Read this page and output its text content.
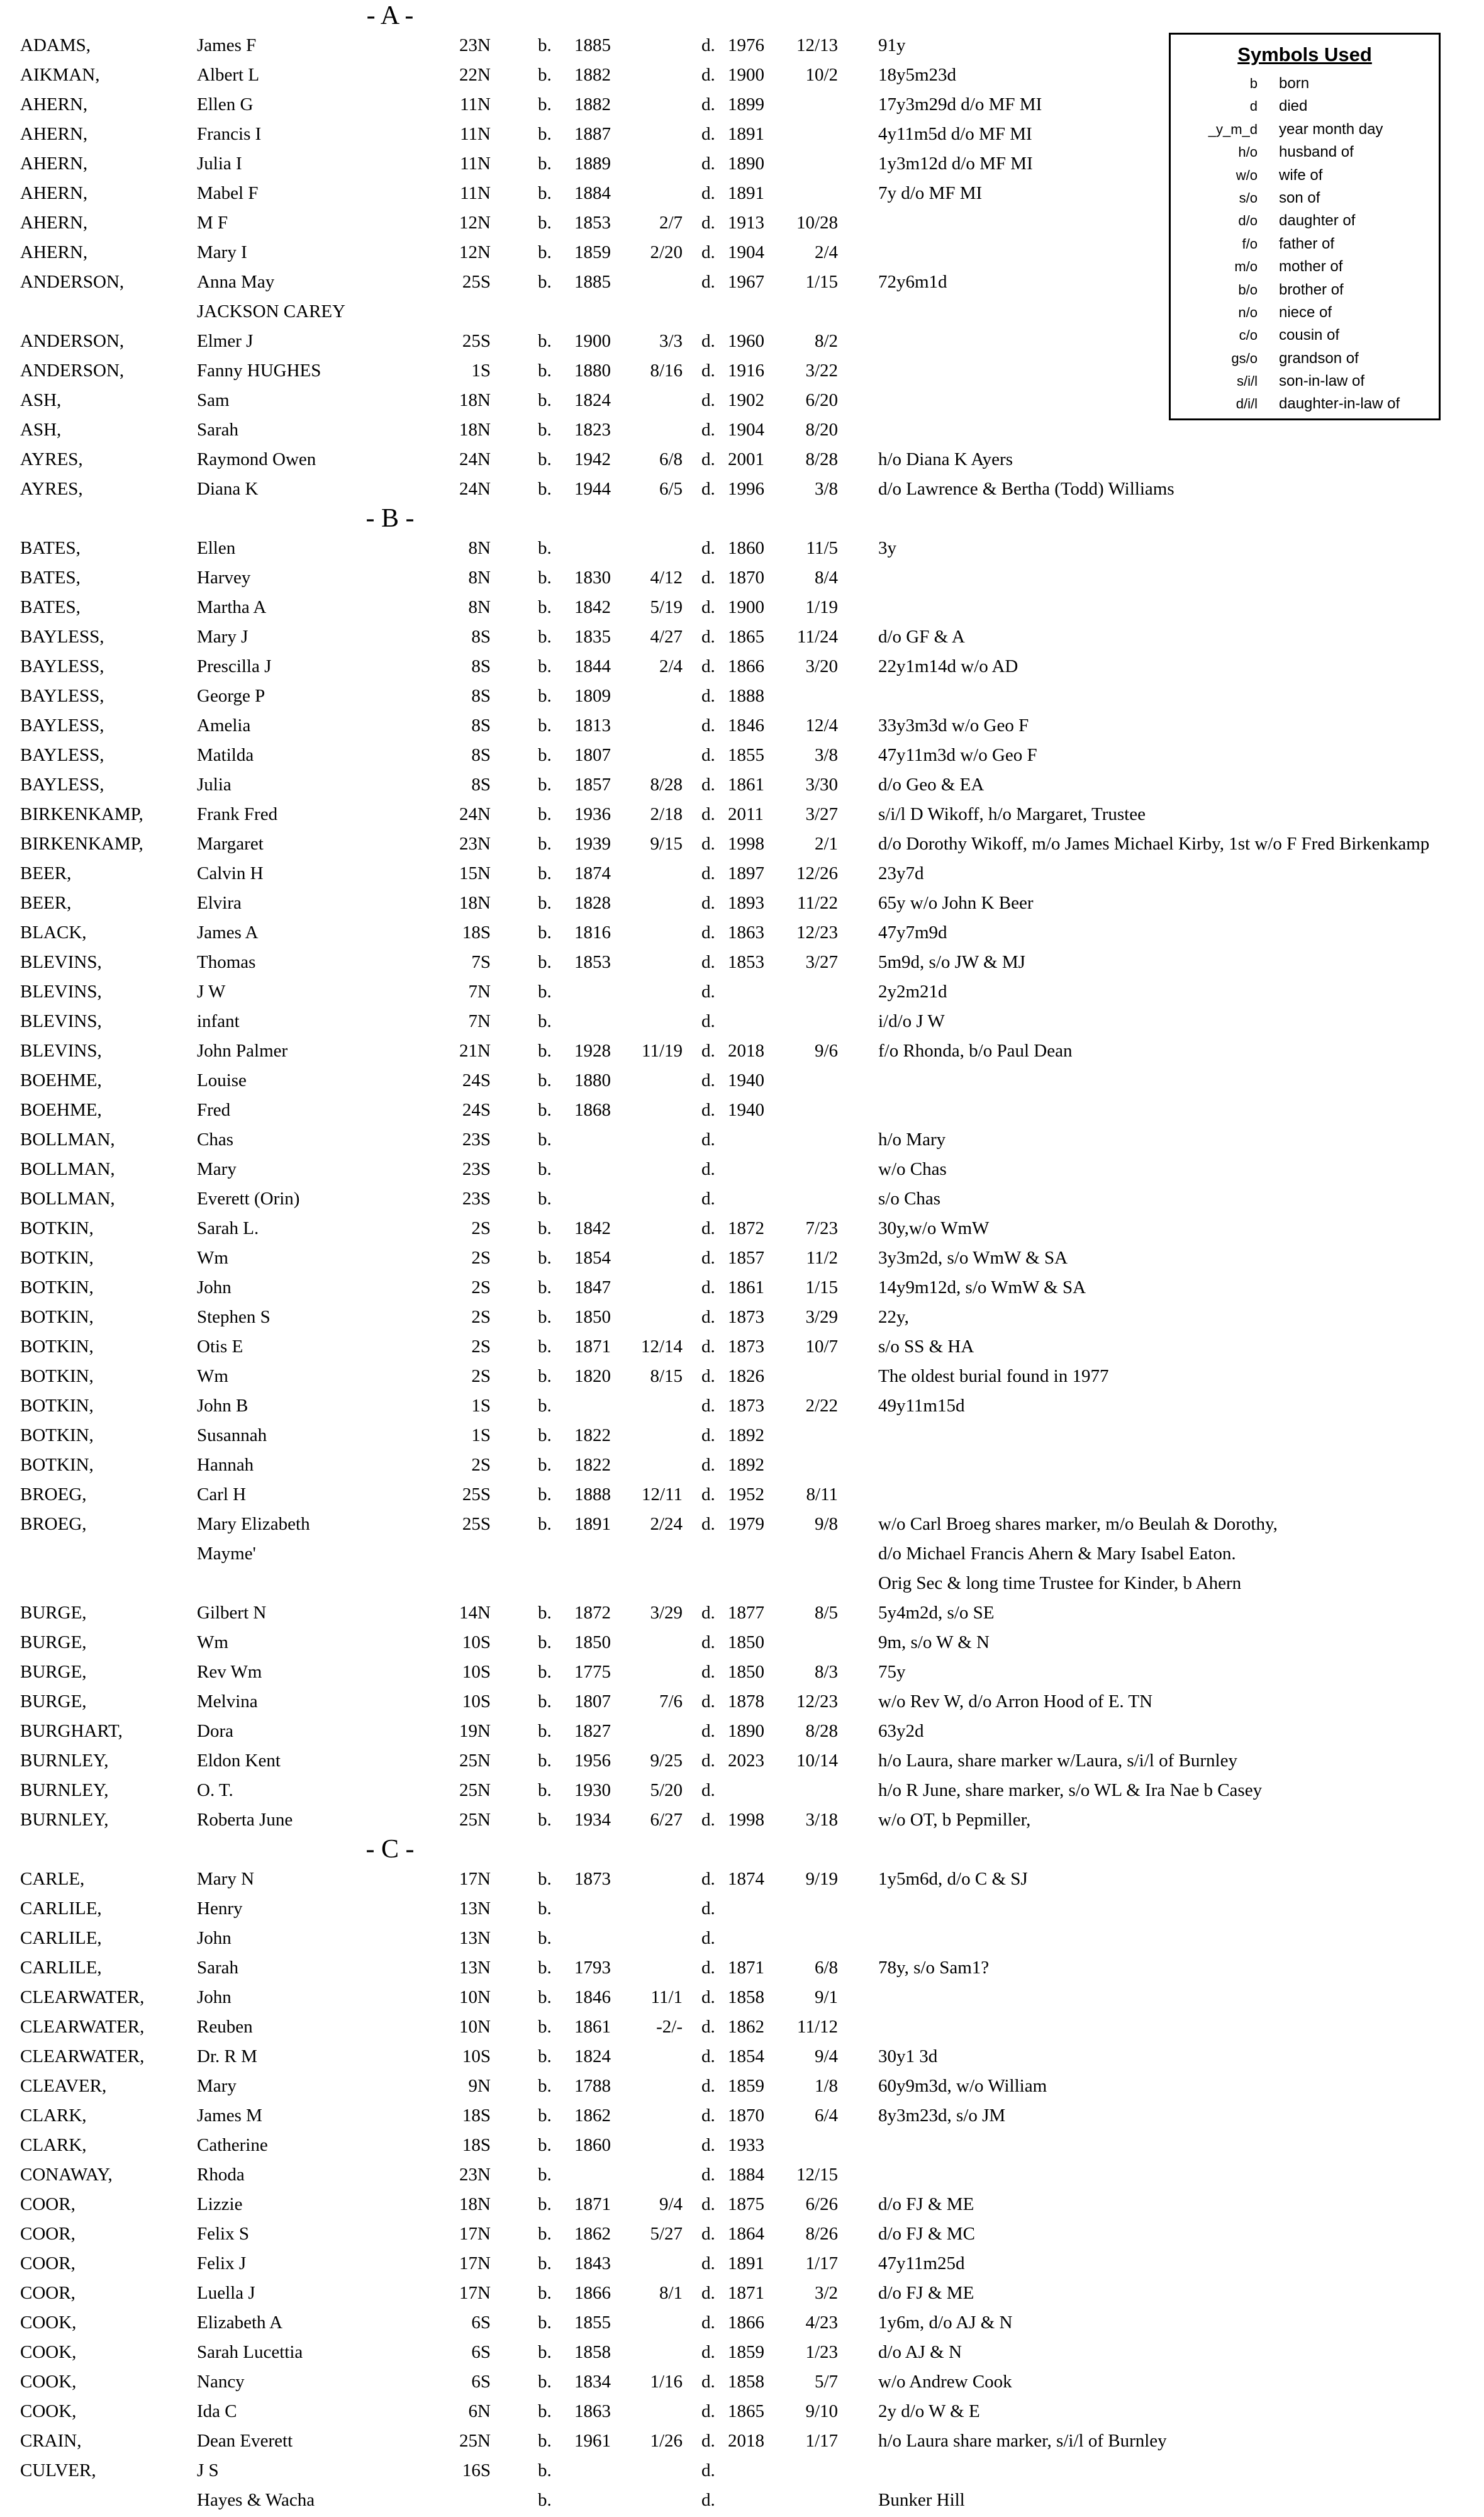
- A -
ADAMS,	James F	23N	b. 1885	d. 1976	12/13 91y
AIKMAN,	Albert L	22N	b. 1882	d. 1900	10/2 18y5m23d
AHERN,	Ellen G	11N	b. 1882	d. 1899	17y3m29d d/o MF MI
AHERN,	Francis I	11N	b. 1887	d. 1891	4y11m5d d/o MF MI
AHERN,	Julia I	11N	b. 1889	d. 1890	1y3m12d d/o MF MI
AHERN,	Mabel F	11N	b. 1884	d. 1891	7y d/o MF MI
AHERN,	M F	12N	b. 1853	2/7 d. 1913	10/28
AHERN,	Mary I	12N	b. 1859	2/20 d. 1904	2/4
ANDERSON,	Anna May	25S	b. 1885	d. 1967	1/15 72y6m1d
JACKSON CAREY
ANDERSON,	Elmer J	25S	b. 1900	3/3 d. 1960	8/2
ANDERSON,	Fanny HUGHES	1S	b. 1880	8/16 d. 1916	3/22
ASH,	Sam	18N	b. 1824	d. 1902	6/20
ASH,	Sarah	18N	b. 1823	d. 1904	8/20
AYRES,	Raymond Owen	24N	b. 1942	6/8 d. 2001	8/28 h/o Diana K Ayers
AYRES,	Diana K	24N	b. 1944	6/5 d. 1996	3/8 d/o Lawrence & Bertha (Todd) Williams
- B -
BATES,	Ellen	8N	b.	d. 1860	11/5 3y
BATES,	Harvey	8N	b. 1830	4/12 d. 1870	8/4
BATES,	Martha A	8N	b. 1842	5/19 d. 1900	1/19
BAYLESS,	Mary J	8S	b. 1835	4/27 d. 1865	11/24 d/o GF & A
BAYLESS,	Prescilla J	8S	b. 1844	2/4 d. 1866	3/20 22y1m14d w/o AD
BAYLESS,	George P	8S	b. 1809	d. 1888
BAYLESS,	Amelia	8S	b. 1813	d. 1846	12/4 33y3m3d w/o Geo F
BAYLESS,	Matilda	8S	b. 1807	d. 1855	3/8 47y11m3d w/o Geo F
BAYLESS,	Julia	8S	b. 1857	8/28 d. 1861	3/30 d/o Geo & EA
BIRKENKAMP,	Frank Fred	24N	b. 1936	2/18 d. 2011	3/27 s/i/l D Wikoff, h/o Margaret, Trustee
BIRKENKAMP,	Margaret	23N	b. 1939	9/15 d. 1998	2/1 d/o Dorothy Wikoff, m/o James Michael Kirby, 1st w/o F Fred Birkenkamp
BEER,	Calvin H	15N	b. 1874	d. 1897	12/26 23y7d
BEER,	Elvira	18N	b. 1828	d. 1893	11/22 65y w/o John K Beer
BLACK,	James A	18S	b. 1816	d. 1863	12/23 47y7m9d
BLEVINS,	Thomas	7S	b. 1853	d. 1853	3/27 5m9d, s/o JW & MJ
BLEVINS,	J W	7N	b.	d.	2y2m21d
BLEVINS,	infant	7N	b.	d.	i/d/o J W
BLEVINS,	John Palmer	21N	b. 1928	11/19 d. 2018	9/6 f/o Rhonda, b/o Paul Dean
BOEHME,	Louise	24S	b. 1880	d. 1940
BOEHME,	Fred	24S	b. 1868	d. 1940
BOLLMAN,	Chas	23S	b.	d.	h/o Mary
BOLLMAN,	Mary	23S	b.	d.	w/o Chas
BOLLMAN,	Everett (Orin)	23S	b.	d.	s/o Chas
BOTKIN,	Sarah L.	2S	b. 1842	d. 1872	7/23 30y,w/o WmW
BOTKIN,	Wm	2S	b. 1854	d. 1857	11/2 3y3m2d, s/o WmW & SA
BOTKIN,	John	2S	b. 1847	d. 1861	1/15 14y9m12d, s/o WmW & SA
BOTKIN,	Stephen S	2S	b. 1850	d. 1873	3/29 22y,
BOTKIN,	Otis E	2S	b. 1871	12/14 d. 1873	10/7 s/o SS & HA
BOTKIN,	Wm	2S	b. 1820	8/15 d. 1826	The oldest burial found in 1977
BOTKIN,	John B	1S	b.	d. 1873	2/22 49y11m15d
BOTKIN,	Susannah	1S	b. 1822	d. 1892
BOTKIN,	Hannah	2S	b. 1822	d. 1892
BROEG,	Carl H	25S	b. 1888	12/11 d. 1952	8/11
BROEG,	Mary Elizabeth	25S	b. 1891	2/24 d. 1979	9/8 w/o Carl Broeg shares marker, m/o Beulah & Dorothy,
Mayme'	d/o Michael Francis Ahern & Mary Isabel Eaton.
Orig Sec & long time Trustee for Kinder, b Ahern
BURGE,	Gilbert N	14N	b. 1872	3/29 d. 1877	8/5 5y4m2d, s/o SE
BURGE,	Wm	10S	b. 1850	d. 1850	9m, s/o W & N
BURGE,	Rev Wm	10S	b. 1775	d. 1850	8/3 75y
BURGE,	Melvina	10S	b. 1807	7/6 d. 1878	12/23 w/o Rev W, d/o Arron Hood of E. TN
BURGHART,	Dora	19N	b. 1827	d. 1890	8/28 63y2d
BURNLEY,	Eldon Kent	25N	b. 1956	9/25 d. 2023	10/14 h/o Laura, share marker w/Laura, s/i/l of Burnley
BURNLEY,	O. T.	25N	b. 1930	5/20 d.	h/o R June, share marker, s/o WL & Ira Nae b Casey
BURNLEY,	Roberta June	25N	b. 1934	6/27 d. 1998	3/18 w/o OT, b Pepmiller,
- C -
CARLE,	Mary N	17N	b. 1873	d. 1874	9/19 1y5m6d, d/o C & SJ
CARLILE,	Henry	13N	b.	d.
CARLILE,	John	13N	b.	d.
CARLILE,	Sarah	13N	b. 1793	d. 1871	6/8 78y, s/o Sam1?
CLEARWATER,	John	10N	b. 1846	11/1 d. 1858	9/1
CLEARWATER,	Reuben	10N	b. 1861	-2/- d. 1862	11/12
CLEARWATER,	Dr. R M	10S	b. 1824	d. 1854	9/4 30y1 3d
CLEAVER,	Mary	9N	b. 1788	d. 1859	1/8 60y9m3d, w/o William
CLARK,	James M	18S	b. 1862	d. 1870	6/4 8y3m23d, s/o JM
CLARK,	Catherine	18S	b. 1860	d. 1933
CONAWAY,	Rhoda	23N	b.	d. 1884	12/15
COOR,	Lizzie	18N	b. 1871	9/4 d. 1875	6/26 d/o FJ & ME
COOR,	Felix S	17N	b. 1862	5/27 d. 1864	8/26 d/o FJ & MC
COOR,	Felix J	17N	b. 1843	d. 1891	1/17 47y11m25d
COOR,	Luella J	17N	b. 1866	8/1 d. 1871	3/2 d/o FJ & ME
COOK,	Elizabeth A	6S	b. 1855	d. 1866	4/23 1y6m, d/o AJ & N
COOK,	Sarah Lucettia	6S	b. 1858	d. 1859	1/23 d/o AJ & N
COOK,	Nancy	6S	b. 1834	1/16 d. 1858	5/7 w/o Andrew Cook
COOK,	Ida C	6N	b. 1863	d. 1865	9/10 2y d/o W & E
CRAIN,	Dean Everett	25N	b. 1961	1/26 d. 2018	1/17 h/o Laura share marker, s/i/l of Burnley
CULVER,	J S	16S	b.	d.
Hayes & Wacha	b.	d.	Bunker Hill
Symbols Used
b born
d died
_y_m_d year month day
h/o husband of
w/o wife of
s/o son of
d/o daughter of
f/o father of
m/o mother of
b/o brother of
n/o niece of
c/o cousin of
gs/o grandson of
s/i/l son-in-law of
d/i/l daughter-in-law of
